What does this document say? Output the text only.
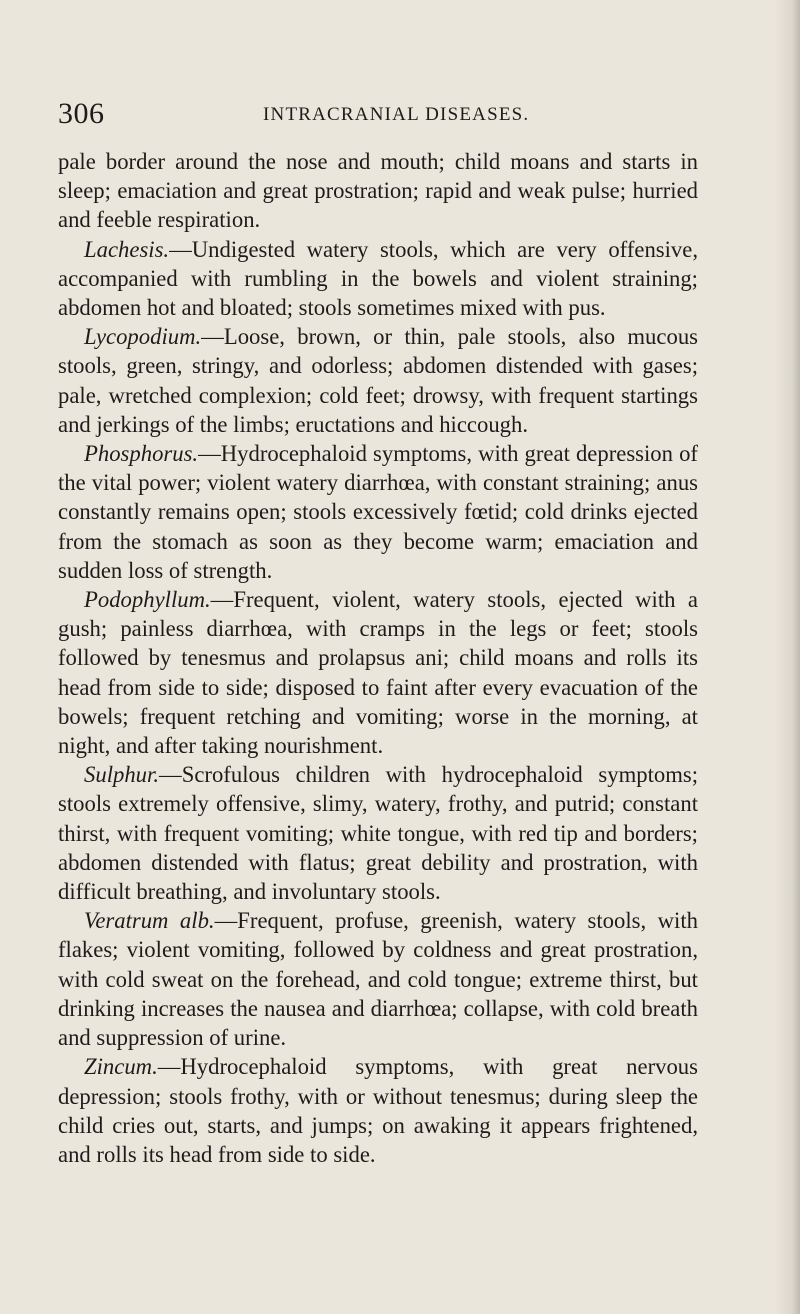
306	INTRACRANIAL DISEASES.

pale border around the nose and mouth; child moans and starts in sleep; emaciation and great prostration; rapid and weak pulse; hurried and feeble respiration.

Lachesis.—Undigested watery stools, which are very offensive, accompanied with rumbling in the bowels and violent straining; abdomen hot and bloated; stools sometimes mixed with pus.

Lycopodium.—Loose, brown, or thin, pale stools, also mucous stools, green, stringy, and odorless; abdomen distended with gases; pale, wretched complexion; cold feet; drowsy, with frequent startings and jerkings of the limbs; eructations and hiccough.

Phosphorus.—Hydrocephaloid symptoms, with great depression of the vital power; violent watery diarrhœa, with constant straining; anus constantly remains open; stools excessively fœtid; cold drinks ejected from the stomach as soon as they become warm; emaciation and sudden loss of strength.

Podophyllum.—Frequent, violent, watery stools, ejected with a gush; painless diarrhœa, with cramps in the legs or feet; stools followed by tenesmus and prolapsus ani; child moans and rolls its head from side to side; disposed to faint after every evacuation of the bowels; frequent retching and vomiting; worse in the morning, at night, and after taking nourishment.

Sulphur.—Scrofulous children with hydrocephaloid symptoms; stools extremely offensive, slimy, watery, frothy, and putrid; constant thirst, with frequent vomiting; white tongue, with red tip and borders; abdomen distended with flatus; great debility and prostration, with difficult breathing, and involuntary stools.

Veratrum alb.—Frequent, profuse, greenish, watery stools, with flakes; violent vomiting, followed by coldness and great prostration, with cold sweat on the forehead, and cold tongue; extreme thirst, but drinking increases the nausea and diarrhœa; collapse, with cold breath and suppression of urine.

Zincum.—Hydrocephaloid symptoms, with great nervous depression; stools frothy, with or without tenesmus; during sleep the child cries out, starts, and jumps; on awaking it appears frightened, and rolls its head from side to side.
